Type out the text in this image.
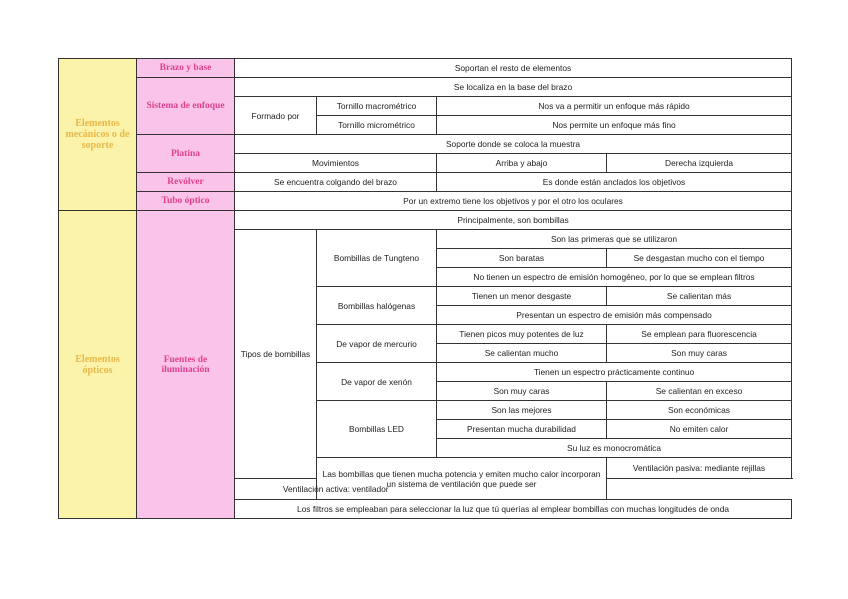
Elementos mecánicos o de soporte	Brazo y base	Soportan el resto de elementos			
	Sistema de enfoque	Se localiza en la base del brazo			
		Formado por	Tornillo macrométrico	Nos va a permitir un enfoque más rápido	
			Tornillo micrométrico	Nos permite un enfoque más fino	
	Platina	Soporte donde se coloca la muestra			
		Movimientos		Arriba y abajo	Derecha izquierda
	Revólver	Se encuentra colgando del brazo		Es donde están anclados los objetivos	
	Tubo óptico	Por un extremo tiene los objetivos y por el otro los oculares			
Elementos ópticos	Fuentes de iluminación	Principalmente, son bombillas			
		Tipos de bombillas	Bombillas de Tungteno	Son las primeras que se utilizaron	
				Son baratas	Se desgastan mucho con el tiempo
				No tienen un espectro de emisión homogéneo, por lo que se emplean filtros	
			Bombillas halógenas	Tienen un menor desgaste	Se calientan más
				Presentan un espectro de emisión más compensado	
			De vapor de mercurio	Tienen picos muy potentes de luz	Se emplean para fluorescencia
				Se calientan mucho	Son muy caras
			De vapor de xenón	Tienen un espectro prácticamente continuo	
				Son muy caras	Se calientan en exceso
			Bombillas LED	Son las mejores	Son económicas
				Presentan mucha durabilidad	No emiten calor
				Su luz es monocromática	
			Las bombillas que tienen mucha potencia y emiten mucho calor incorporan un sistema de ventilación que puede ser		Ventilación pasiva: mediante rejillas
		Ventilación activa: ventilador			
		Los filtros se empleaban para seleccionar la luz que tú querías al emplear bombillas con muchas longitudes de onda			
